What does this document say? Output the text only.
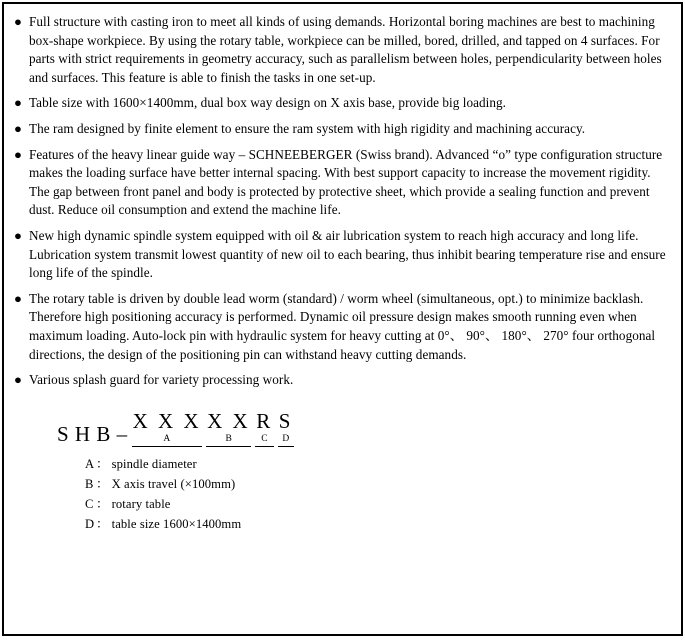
● Full structure with casting iron to meet all kinds of using demands. Horizontal boring machines are best to machining box-shape workpiece. By using the rotary table, workpiece can be milled, bored, drilled, and tapped on 4 surfaces. For parts with strict requirements in geometry accuracy, such as parallelism between holes, perpendicularity between holes and surfaces. This feature is able to finish the tasks in one set-up.
● Table size with 1600×1400mm, dual box way design on X axis base, provide big loading.
● The ram designed by finite element to ensure the ram system with high rigidity and machining accuracy.
● Features of the heavy linear guide way – SCHNEEBERGER (Swiss brand). Advanced “o” type configuration structure makes the loading surface have better internal spacing. With best support capacity to increase the movement rigidity. The gap between front panel and body is protected by protective sheet, which provide a sealing function and prevent dust. Reduce oil consumption and extend the machine life.
● New high dynamic spindle system equipped with oil & air lubrication system to reach high accuracy and long life. Lubrication system transmit lowest quantity of new oil to each bearing, thus inhibit bearing temperature rise and ensure long life of the spindle.
● The rotary table is driven by double lead worm (standard) / worm wheel (simultaneous, opt.) to minimize backlash. Therefore high positioning accuracy is performed. Dynamic oil pressure design makes smooth running even when maximum loading. Auto-lock pin with hydraulic system for heavy cutting at 0°、 90°、 180°、 270° four orthogonal directions, the design of the positioning pin can withstand heavy cutting demands.
● Various splash guard for variety processing work.
S H B –X X X
A
X X
B
R
C
S
D
A ： spindle diameter
B ： X axis travel (×100mm)
C ： rotary table
D ： table size 1600×1400mm
